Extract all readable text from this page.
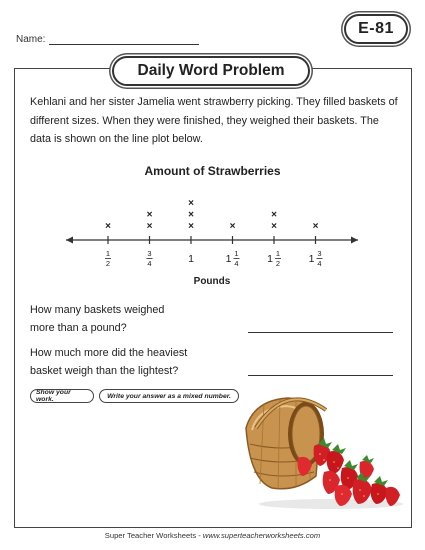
Name:
E-81
Daily Word Problem
Kehlani and her sister Jamelia went strawberry picking. They filled baskets of different sizes. When they were finished, they weighed their baskets. The data is shown on the line plot below.
Amount of Strawberries
×
1
2
×
×
3
4
×
×
×
1
×
1 1
4
×
×
1 1
2
×
1 3
4
Pounds
How many baskets weighed
more than a pound?
How much more did the heaviest
basket weigh than the lightest?
Show your work.	Write your answer as a mixed number.
Super Teacher Worksheets - www.superteacherworksheets.com
